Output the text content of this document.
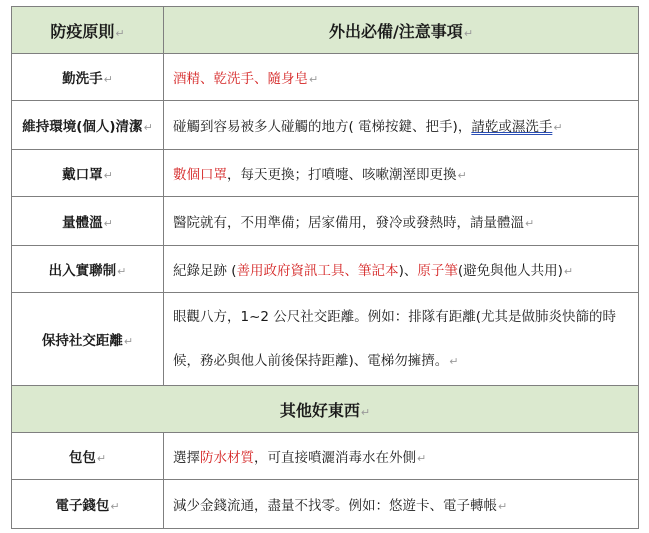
防疫原則↵	外出必備/注意事項↵
勤洗手↵	酒精、乾洗手、隨身皂↵
維持環境(個人)清潔↵	碰觸到容易被多人碰觸的地方( 電梯按鍵、把手)，請乾或濕洗手↵
戴口罩↵	數個口罩，每天更換；打噴嚏、咳嗽潮溼即更換↵
量體溫↵	醫院就有，不用準備；居家備用，發冷或發熱時，請量體溫↵
出入實聯制↵	紀錄足跡 (善用政府資訊工具、筆記本)、原子筆(避免與他人共用)↵
保持社交距離↵	眼觀八方，1~2 公尺社交距離。例如：排隊有距離(尤其是做肺炎快篩的時候，務必與他人前後保持距離)、電梯勿擁擠。↵
其他好東西↵	
包包↵	選擇防水材質，可直接噴灑消毒水在外側↵
電子錢包↵	減少金錢流通，盡量不找零。例如：悠遊卡、電子轉帳↵
